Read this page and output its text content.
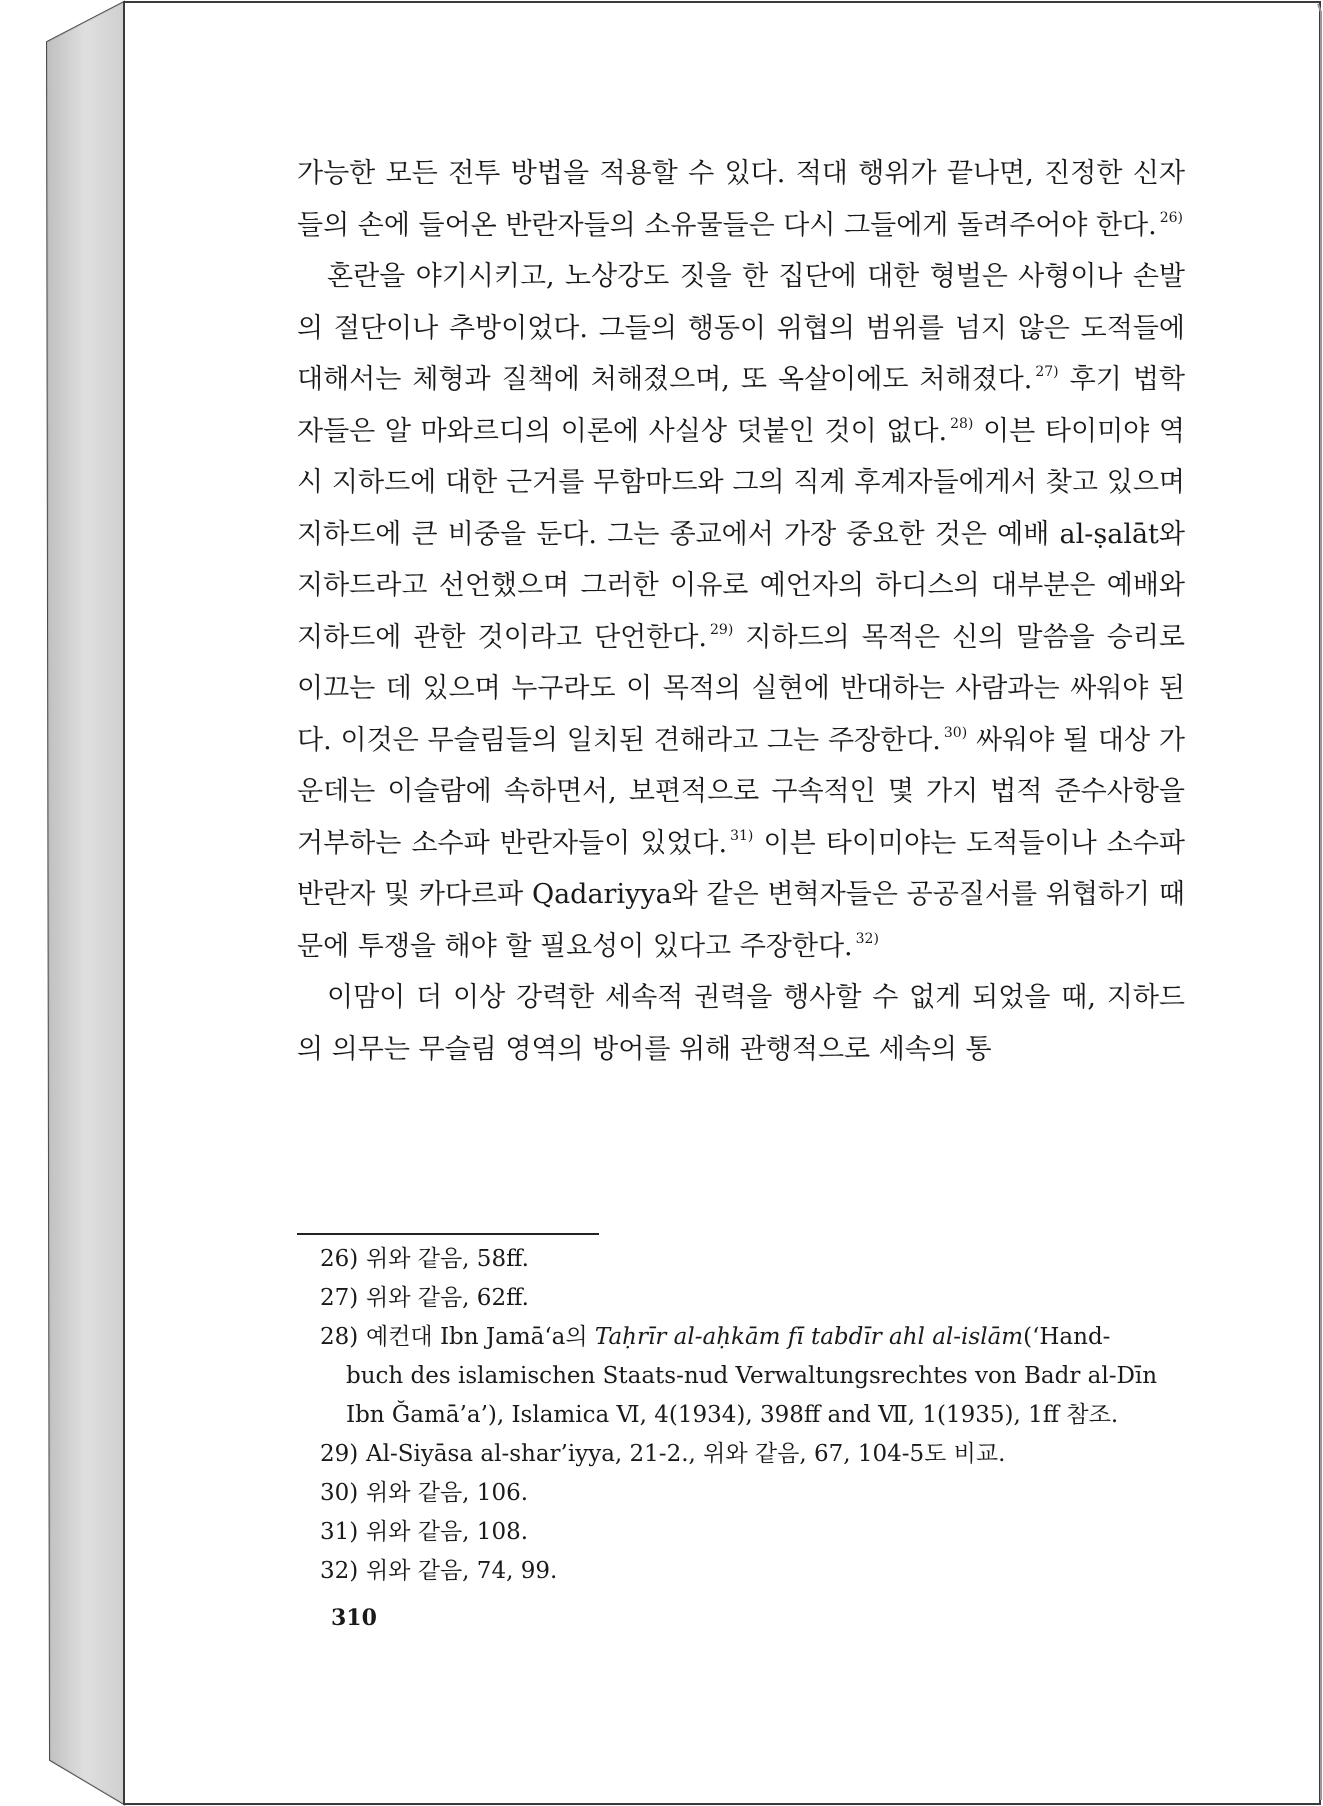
가능한 모든 전투 방법을 적용할 수 있다. 적대 행위가 끝나면, 진정한 신자들의 손에 들어온 반란자들의 소유물들은 다시 그들에게 돌려주어야 한다. $^{26)}$

혼란을 야기시키고, 노상강도 짓을 한 집단에 대한 형벌은 사형이나 손발의 절단이나 추방이었다. 그들의 행동이 위협의 범위를 넘지 않은 도적들에 대해서는 체형과 질책에 처해졌으며, 또 옥살이에도 처해졌다. $^{27)}$ 후기 법학자들은 알 마와르디의 이론에 사실상 덧붙인 것이 없다. $^{28)}$ 이븐 타이미야 역시 지하드에 대한 근거를 무함마드와 그의 직계 후계자들에게서 찾고 있으며 지하드에 큰 비중을 둔다. 그는 종교에서 가장 중요한 것은 예배 al-ṣalāt와 지하드라고 선언했으며 그러한 이유로 예언자의 하디스의 대부분은 예배와 지하드에 관한 것이라고 단언한다. $^{29)}$ 지하드의 목적은 신의 말씀을 승리로 이끄는 데 있으며 누구라도 이 목적의 실현에 반대하는 사람과는 싸워야 된다. 이것은 무슬림들의 일치된 견해라고 그는 주장한다. $^{30)}$ 싸워야 될 대상 가운데는 이슬람에 속하면서, 보편적으로 구속적인 몇 가지 법적 준수사항을 거부하는 소수파 반란자들이 있었다. $^{31)}$ 이븐 타이미야는 도적들이나 소수파 반란자 및 카다르파 Qadariyya와 같은 변혁자들은 공공질서를 위협하기 때문에 투쟁을 해야 할 필요성이 있다고 주장한다. $^{32)}$

이맘이 더 이상 강력한 세속적 권력을 행사할 수 없게 되었을 때, 지하드의 의무는 무슬림 영역의 방어를 위해 관행적으로 세속의 통

26) 위와 같음, 58ff.
27) 위와 같음, 62ff.
28) 예컨대 Ibn Jamā‘a의 Taḥrīr al-aḥkām fī tabdīr ahl al-islām(‘Hand-
buch des islamischen Staats-nud Verwaltungsrechtes von Badr al-Dīn
Ibn Ğamā’a’), Islamica Ⅵ, 4(1934), 398ff and Ⅶ, 1(1935), 1ff 참조.
29) Al-Siyāsa al-shar’iyya, 21-2., 위와 같음, 67, 104-5도 비교.
30) 위와 같음, 106.
31) 위와 같음, 108.
32) 위와 같음, 74, 99.
310
